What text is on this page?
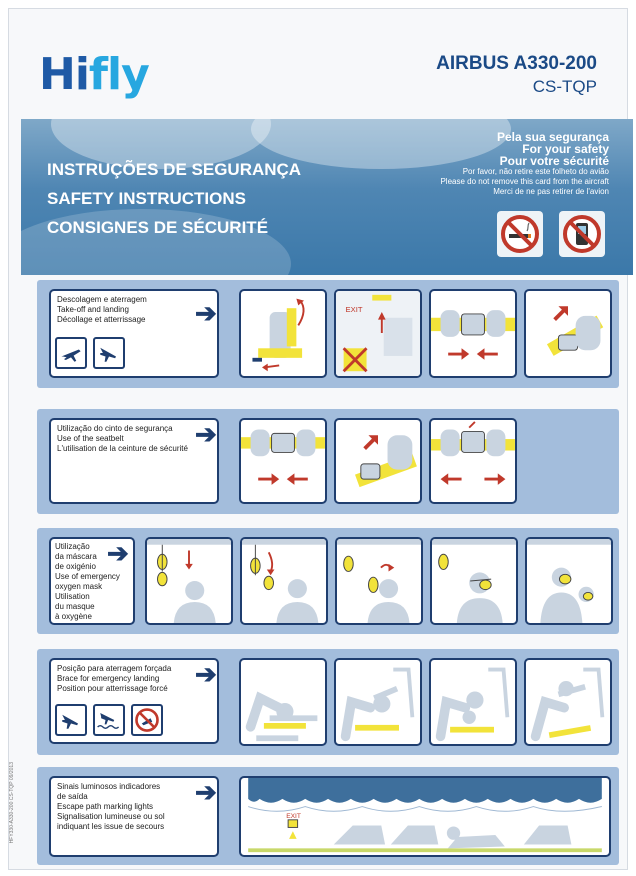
Hifly	AIRBUS A330-200
CS-TQP
INSTRUÇÕES DE SEGURANÇA
SAFETY INSTRUCTIONS
CONSIGNES DE SÉCURITÉ
Pela sua segurança
For your safety
Pour votre sécurité
Por favor, não retire este folheto do avião
Please do not remove this card from the aircraft
Merci de ne pas retirer de l'avion
Descolagem e aterragem
Take-off and landing
Décollage et atterrissage	➔	EXIT
Utilização do cinto de segurança
Use of the seatbelt
L'utilisation de la ceinture de sécurité ➔
Utilização
da máscara
de oxigénio
Use of emergency
oxygen mask
Utilisation
du masque
à oxygène
➔
Posição para aterragem forçada
Brace for emergency landing
Position pour atterrissage forcé	➔
Sinais luminosos indicadores
de saída
Escape path marking lights
Signalisation lumineuse ou sol
indiquant les issue de secours
➔
EXIT
HFY330-A330-200 CS-TQP 09/2013
